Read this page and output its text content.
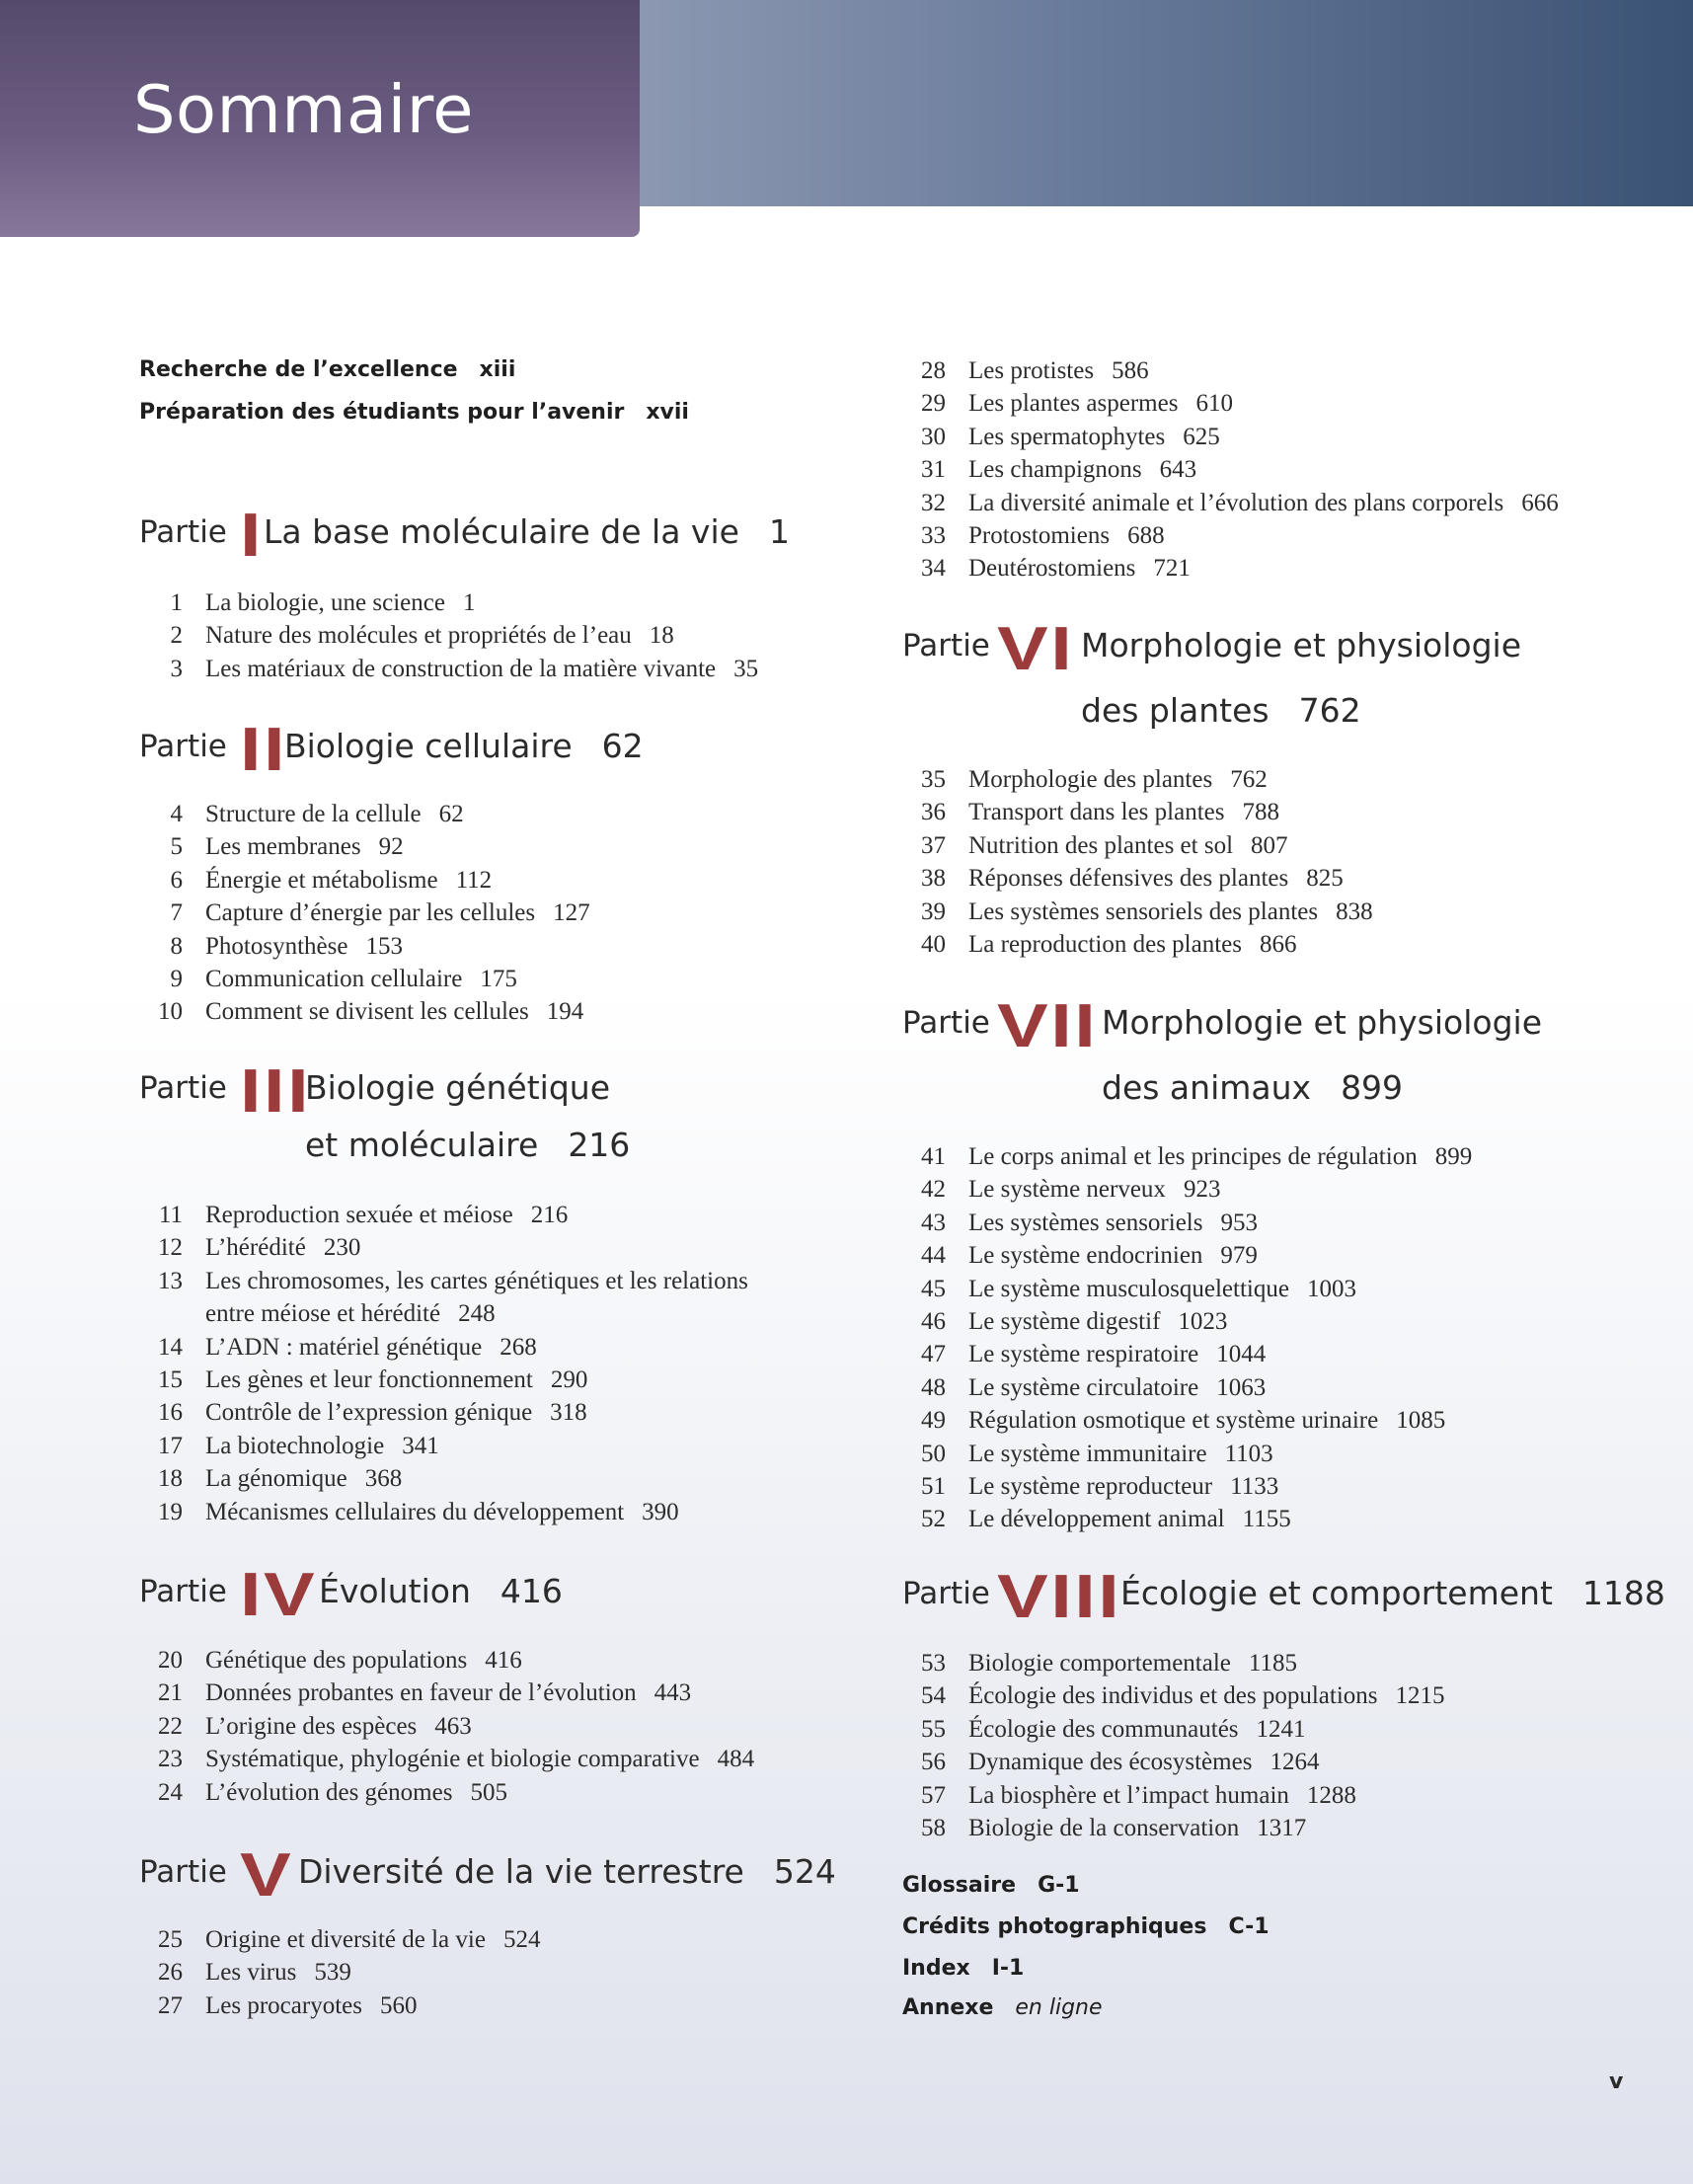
Sommaire
Recherche de l’excellence xiii
Préparation des étudiants pour l’avenir xvii
Partie I La base moléculaire de la vie 1
1 La biologie, une science 1
2 Nature des molécules et propriétés de l’eau 18
3 Les matériaux de construction de la matière vivante 35
Partie II
Biologie cellulaire 62
4 Structure de la cellule 62
5 Les membranes 92
6 Énergie et métabolisme 112
7 Capture d’énergie par les cellules 127
8 Photosynthèse 153
9 Communication cellulaire 175
10 Comment se divisent les cellules 194
Partie III
Biologie génétique
et moléculaire 216
11 Reproduction sexuée et méiose 216
12 L’hérédité 230
13 Les chromosomes, les cartes génétiques et les relations
entre méiose et hérédité 248
14 L’ADN : matériel génétique 268
15 Les gènes et leur fonctionnement 290
16 Contrôle de l’expression génique 318
17 La biotechnologie 341
18 La génomique 368
19 Mécanismes cellulaires du développement 390
Partie IV Évolution 416
20 Génétique des populations 416
21 Données probantes en faveur de l’évolution 443
22 L’origine des espèces 463
23 Systématique, phylogénie et biologie comparative 484
24 L’évolution des génomes 505
Partie V Diversité de la vie terrestre 524
25 Origine et diversité de la vie 524
26 Les virus 539
27 Les procaryotes 560
28 Les protistes 586
29 Les plantes aspermes 610
30 Les spermatophytes 625
31 Les champignons 643
32 La diversité animale et l’évolution des plans corporels 666
33 Protostomiens 688
34 Deutérostomiens 721
Partie VI Morphologie et physiologie
des plantes 762
35 Morphologie des plantes 762
36 Transport dans les plantes 788
37 Nutrition des plantes et sol 807
38 Réponses défensives des plantes 825
39 Les systèmes sensoriels des plantes 838
40 La reproduction des plantes 866
Partie VII Morphologie et physiologie
des animaux 899
41 Le corps animal et les principes de régulation 899
42 Le système nerveux 923
43 Les systèmes sensoriels 953
44 Le système endocrinien 979
45 Le système musculosquelettique 1003
46 Le système digestif 1023
47 Le système respiratoire 1044
48 Le système circulatoire 1063
49 Régulation osmotique et système urinaire 1085
50 Le système immunitaire 1103
51 Le système reproducteur 1133
52 Le développement animal 1155
Partie VIII
Écologie et comportement 1188
53 Biologie comportementale 1185
54 Écologie des individus et des populations 1215
55 Écologie des communautés 1241
56 Dynamique des écosystèmes 1264
57 La biosphère et l’impact humain 1288
58 Biologie de la conservation 1317
Glossaire G-1
Crédits photographiques C-1
Index I-1
Annexe en ligne
v
